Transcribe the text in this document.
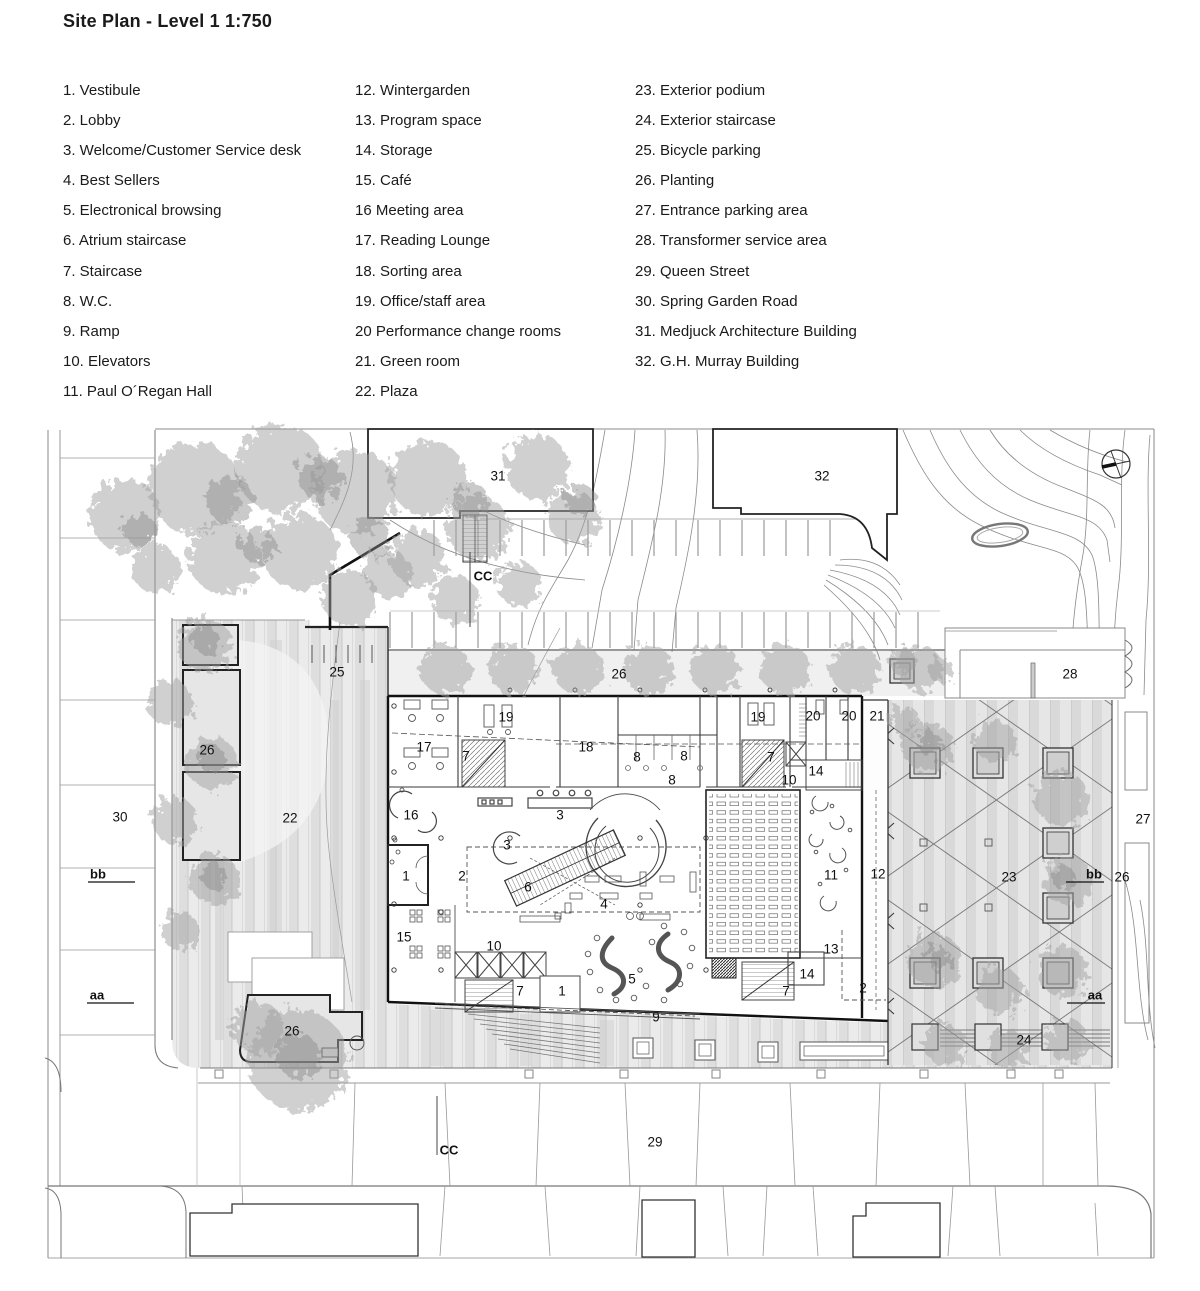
Site Plan - Level 1 1:750
1. Vestibule
2. Lobby
3. Welcome/Customer Service desk
4. Best Sellers
5. Electronical browsing
6. Atrium staircase
7. Staircase
8. W.C.
9. Ramp
10. Elevators
11. Paul O´Regan Hall
12. Wintergarden
13. Program space
14. Storage
15. Café
16 Meeting area
17. Reading Lounge
18. Sorting area
19. Office/staff area
20 Performance change rooms
21. Green room
22. Plaza
23. Exterior podium
24. Exterior staircase
25. Bicycle parking
26. Planting
27. Entrance parking area
28. Transformer service area
29. Queen Street
30. Spring Garden Road
31. Medjuck Architecture Building
32. G.H. Murray Building
31	32
CC
25	26	28
30
bb
aa
22
26
26
27
23	bb 26
aa
24
29
CC
19
17
7
18
8	8
8
19	20 20 21
7
10
14
16	3
3
2
1
6
4
11 12
15
10
5
13
14
7	1	7	2
9
